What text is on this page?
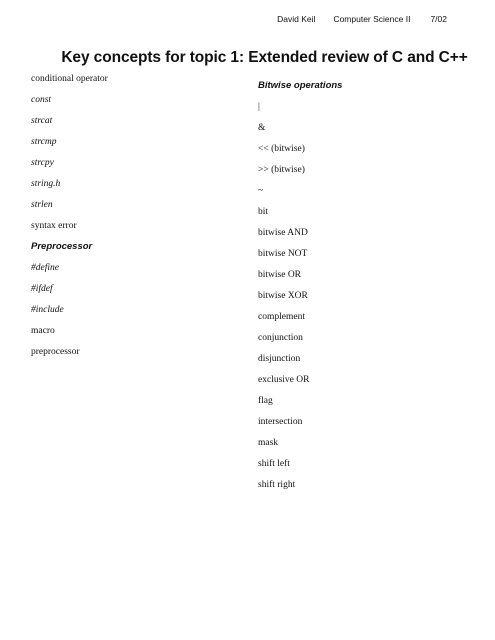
David Keil Computer Science II 7/02
Key concepts for topic 1: Extended review of C and C++
conditional operator
const
strcat
strcmp
strcpy
string.h
strlen
syntax error
Preprocessor
#define
#ifdef
#include
macro
preprocessor
Bitwise operations
|
&
<< (bitwise)
>> (bitwise)
~
bit
bitwise AND
bitwise NOT
bitwise OR
bitwise XOR
complement
conjunction
disjunction
exclusive OR
flag
intersection
mask
shift left
shift right
